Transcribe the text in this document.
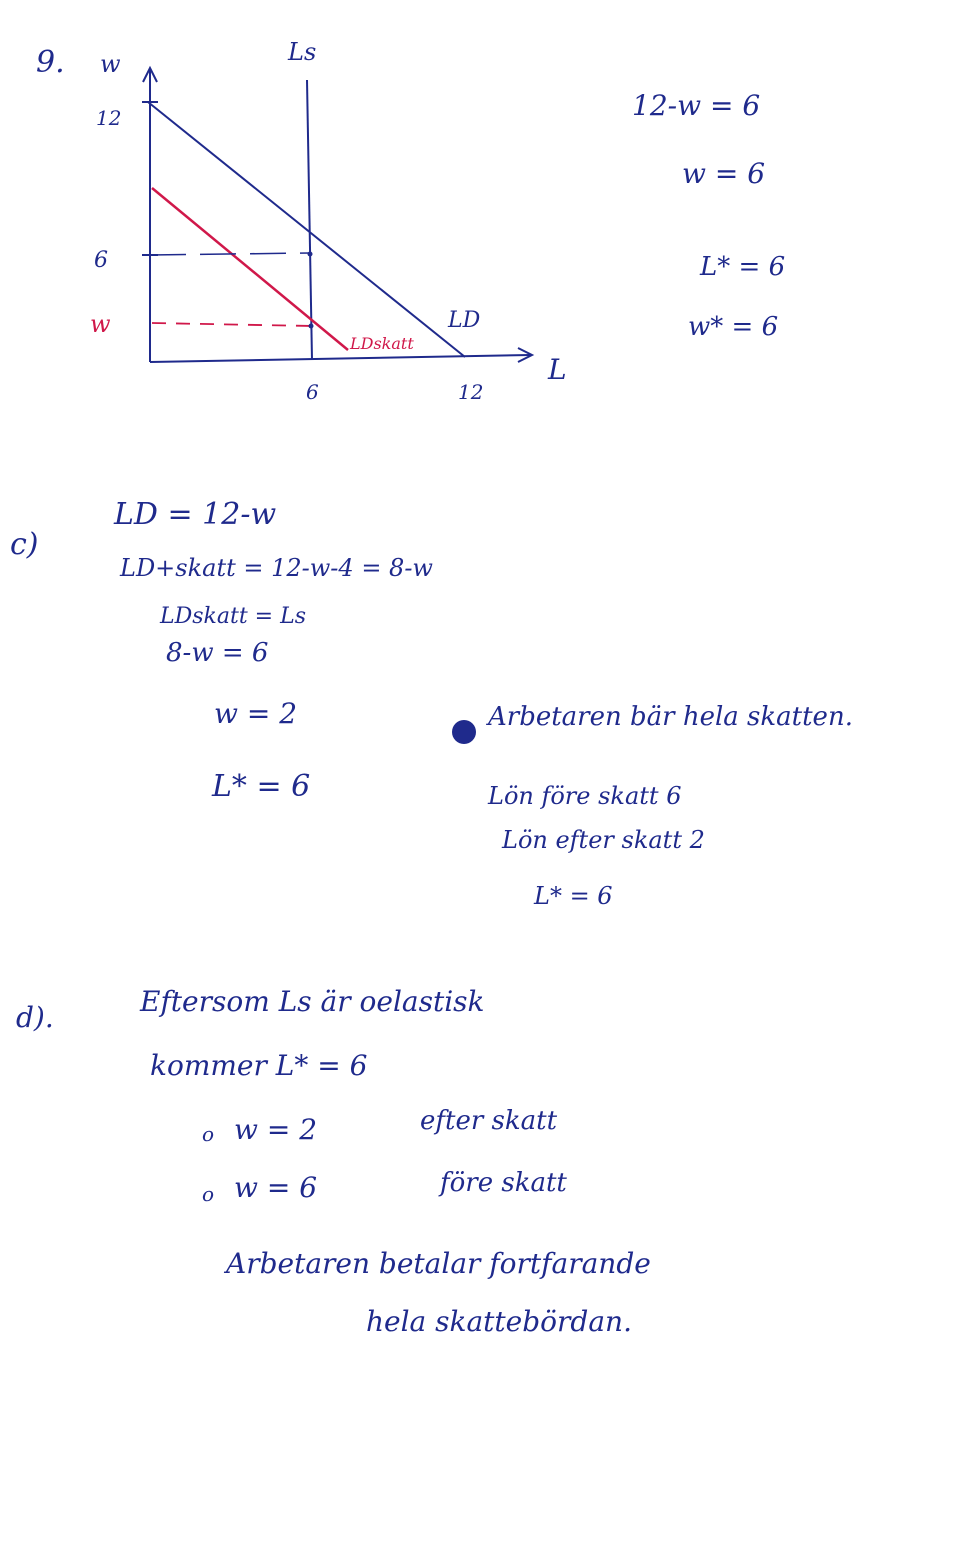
9. w	Ls
12
6
w	LD
LDskatt
L
6	12
12-w = 6
w = 6
L* = 6
w* = 6
c)
LD = 12-w
LD+skatt = 12-w-4 = 8-w
LDskatt = Ls
8-w = 6
w = 2
L* = 6
Arbetaren bär hela skatten.
Lön före skatt 6
Lön efter skatt 2
L* = 6
d).	Eftersom Ls är oelastisk
kommer L* = 6
o w = 2	efter skatt
o w = 6	före skatt
Arbetaren betalar fortfarande
hela skattebördan.
